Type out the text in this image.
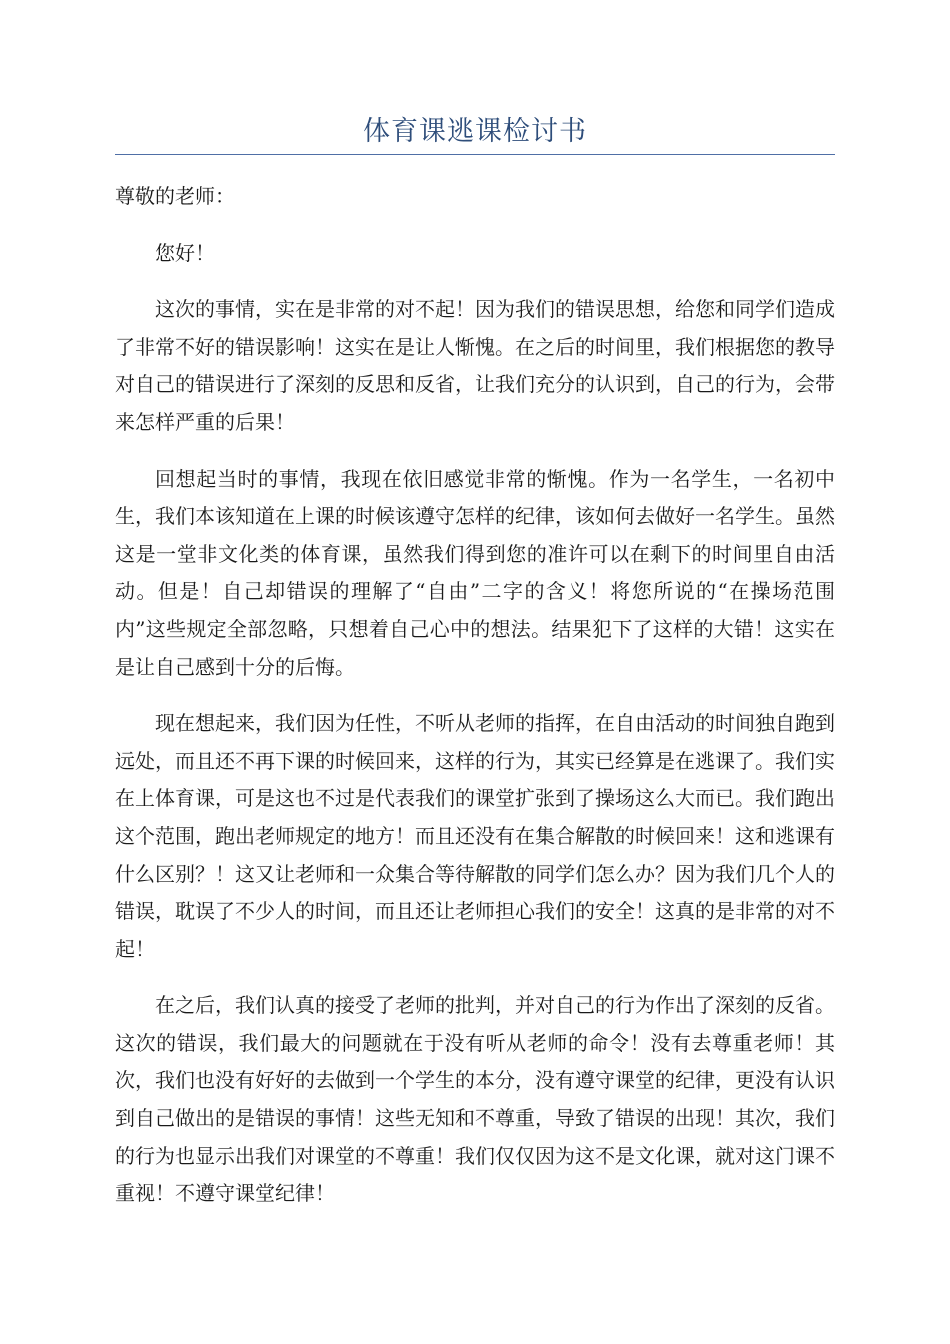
体育课逃课检讨书

尊敬的老师：

您好！

这次的事情，实在是非常的对不起！因为我们的错误思想，给您和同学们造成了非常不好的错误影响！这实在是让人惭愧。在之后的时间里，我们根据您的教导对自己的错误进行了深刻的反思和反省，让我们充分的认识到，自己的行为，会带来怎样严重的后果！

回想起当时的事情，我现在依旧感觉非常的惭愧。作为一名学生，一名初中生，我们本该知道在上课的时候该遵守怎样的纪律，该如何去做好一名学生。虽然这是一堂非文化类的体育课，虽然我们得到您的准许可以在剩下的时间里自由活动。但是！自己却错误的理解了“自由”二字的含义！将您所说的“在操场范围内”这些规定全部忽略，只想着自己心中的想法。结果犯下了这样的大错！这实在是让自己感到十分的后悔。

现在想起来，我们因为任性，不听从老师的指挥，在自由活动的时间独自跑到远处，而且还不再下课的时候回来，这样的行为，其实已经算是在逃课了。我们实在上体育课，可是这也不过是代表我们的课堂扩张到了操场这么大而已。我们跑出这个范围，跑出老师规定的地方！而且还没有在集合解散的时候回来！这和逃课有什么区别？！这又让老师和一众集合等待解散的同学们怎么办？因为我们几个人的错误，耽误了不少人的时间，而且还让老师担心我们的安全！这真的是非常的对不起！

在之后，我们认真的接受了老师的批判，并对自己的行为作出了深刻的反省。这次的错误，我们最大的问题就在于没有听从老师的命令！没有去尊重老师！其次，我们也没有好好的去做到一个学生的本分，没有遵守课堂的纪律，更没有认识到自己做出的是错误的事情！这些无知和不尊重，导致了错误的出现！其次，我们的行为也显示出我们对课堂的不尊重！我们仅仅因为这不是文化课，就对这门课不重视！不遵守课堂纪律！
